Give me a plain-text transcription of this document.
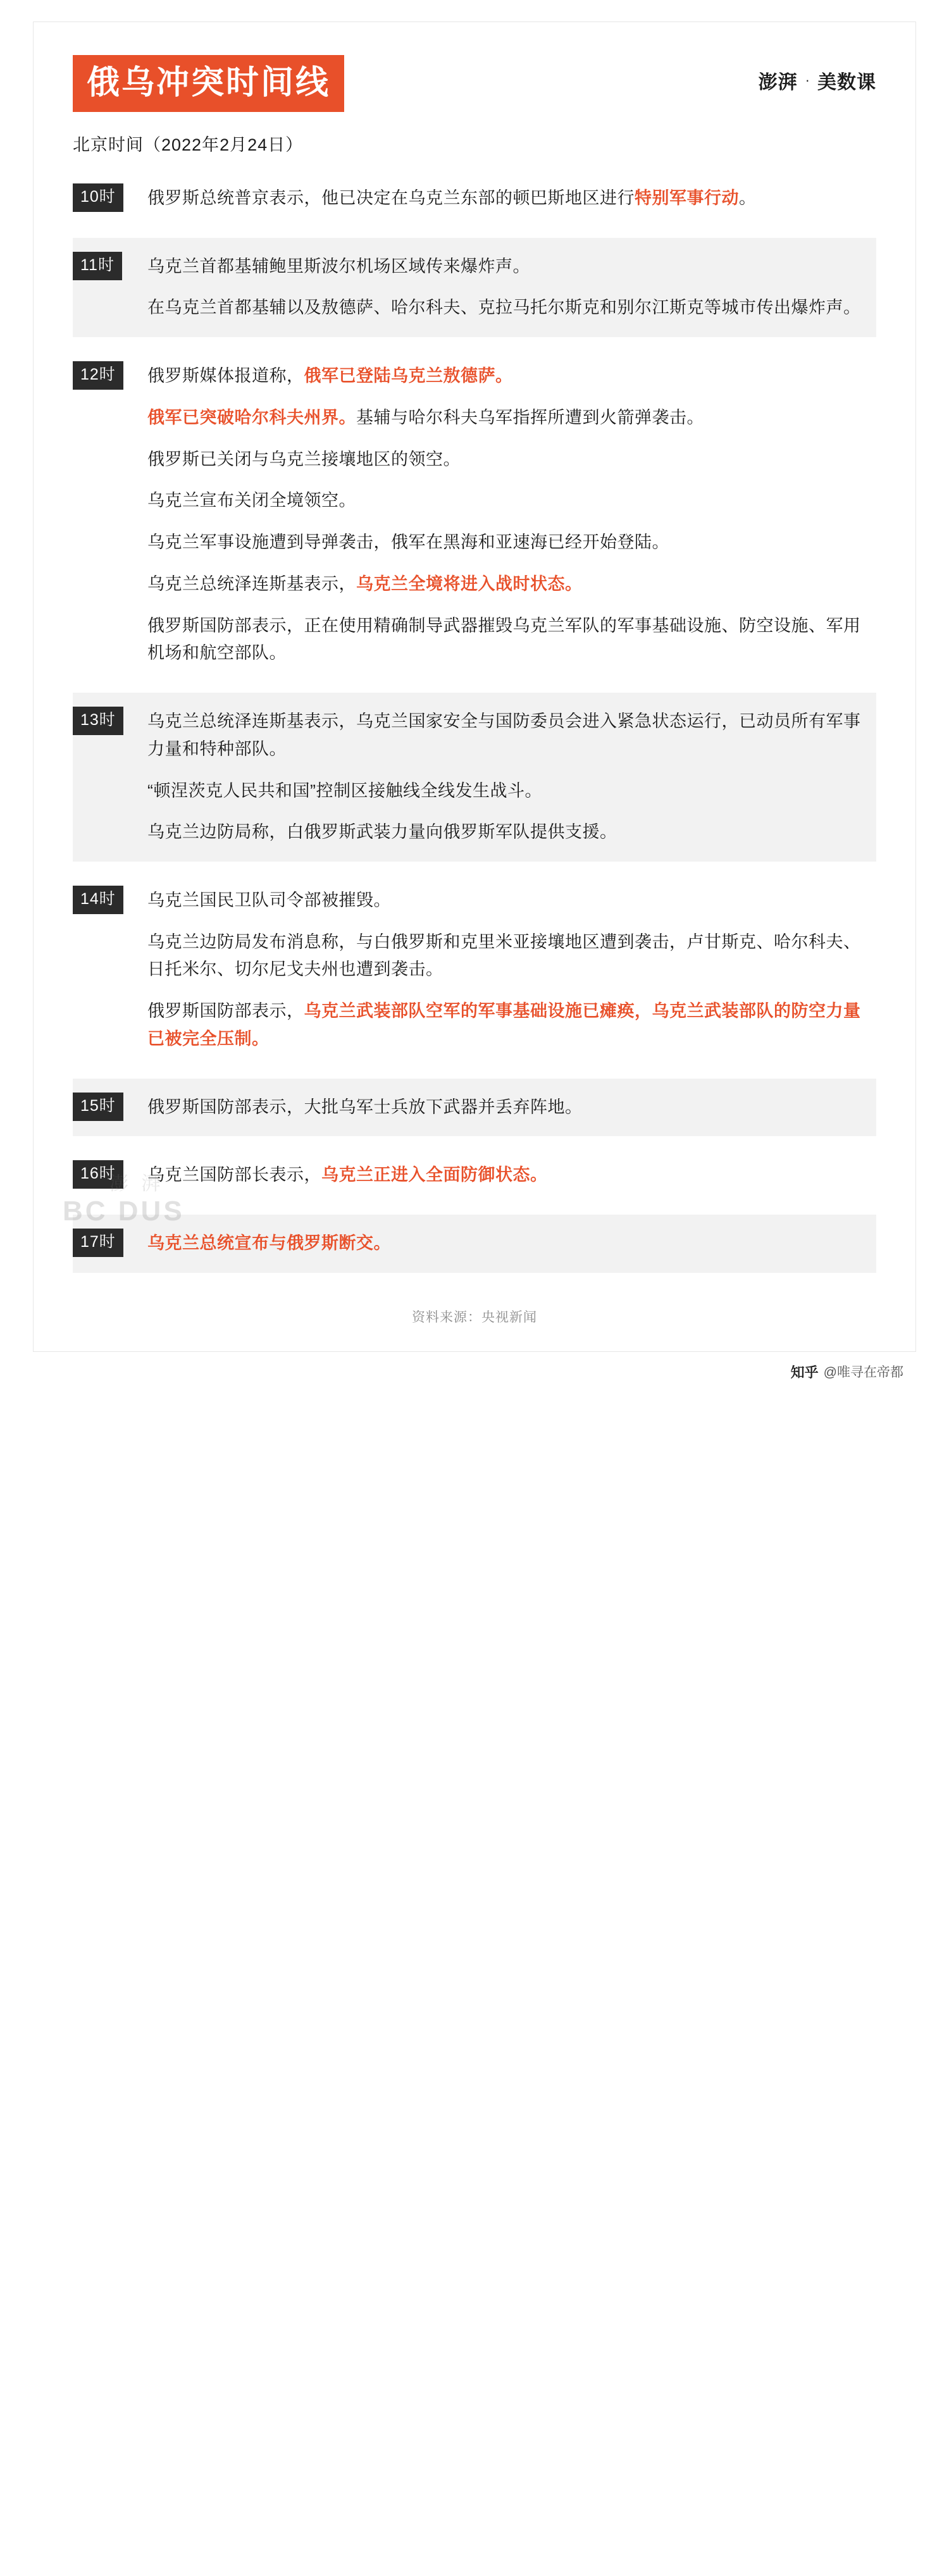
俄乌冲突时间线	澎湃 · 美数课
北京时间（2022年2月24日）
10时	俄罗斯总统普京表示，他已决定在乌克兰东部的顿巴斯地区进行特别军事行动。

11时	乌克兰首都基辅鲍里斯波尔机场区域传来爆炸声。

在乌克兰首都基辅以及敖德萨、哈尔科夫、克拉马托尔斯克和别尔江斯克等城市传出爆炸声。

12时	俄罗斯媒体报道称，俄军已登陆乌克兰敖德萨。

俄军已突破哈尔科夫州界。基辅与哈尔科夫乌军指挥所遭到火箭弹袭击。

俄罗斯已关闭与乌克兰接壤地区的领空。

乌克兰宣布关闭全境领空。

乌克兰军事设施遭到导弹袭击，俄军在黑海和亚速海已经开始登陆。

乌克兰总统泽连斯基表示，乌克兰全境将进入战时状态。

俄罗斯国防部表示，正在使用精确制导武器摧毁乌克兰军队的军事基础设施、防空设施、军用机场和航空部队。

13时	乌克兰总统泽连斯基表示，乌克兰国家安全与国防委员会进入紧急状态运行，已动员所有军事力量和特种部队。

“顿涅茨克人民共和国”控制区接触线全线发生战斗。

乌克兰边防局称，白俄罗斯武装力量向俄罗斯军队提供支援。

14时	乌克兰国民卫队司令部被摧毁。

乌克兰边防局发布消息称，与白俄罗斯和克里米亚接壤地区遭到袭击，卢甘斯克、哈尔科夫、日托米尔、切尔尼戈夫州也遭到袭击。

俄罗斯国防部表示，乌克兰武装部队空军的军事基础设施已瘫痪，乌克兰武装部队的防空力量已被完全压制。

15时	俄罗斯国防部表示，大批乌军士兵放下武器并丢弃阵地。

16时	乌克兰国防部长表示，乌克兰正进入全面防御状态。

17时	乌克兰总统宣布与俄罗斯断交。

资料来源：央视新闻
BC DUS
澎 湃
知乎 @唯寻在帝都
